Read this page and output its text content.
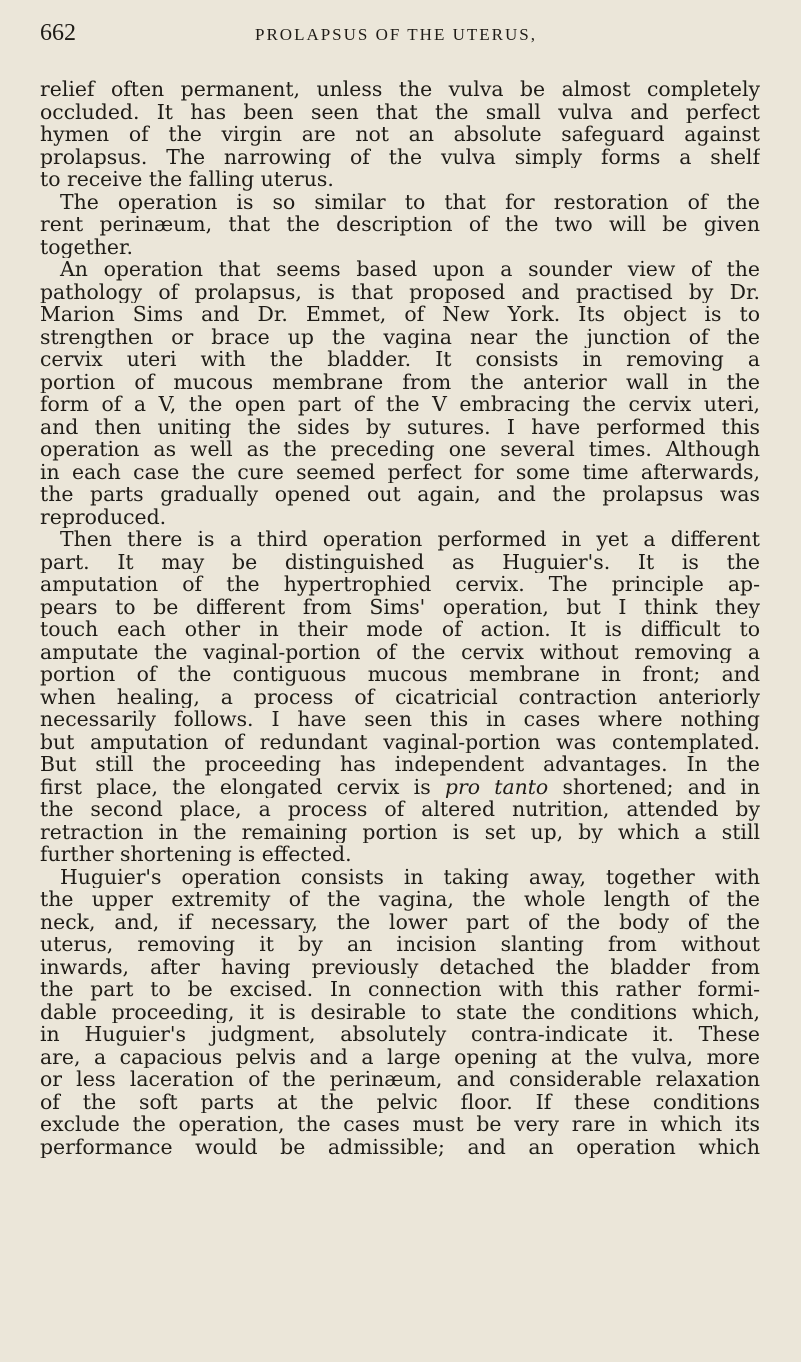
662	PROLAPSUS OF THE UTERUS,
relief often permanent, unless the vulva be almost completely
occluded. It has been seen that the small vulva and perfect
hymen of the virgin are not an absolute safeguard against
prolapsus. The narrowing of the vulva simply forms a shelf
to receive the falling uterus.
The operation is so similar to that for restoration of the
rent perinæum, that the description of the two will be given
together.
An operation that seems based upon a sounder view of the
pathology of prolapsus, is that proposed and practised by Dr.
Marion Sims and Dr. Emmet, of New York. Its object is to
strengthen or brace up the vagina near the junction of the
cervix uteri with the bladder. It consists in removing a
portion of mucous membrane from the anterior wall in the
form of a V, the open part of the V embracing the cervix uteri,
and then uniting the sides by sutures. I have performed this
operation as well as the preceding one several times. Although
in each case the cure seemed perfect for some time afterwards,
the parts gradually opened out again, and the prolapsus was
reproduced.
Then there is a third operation performed in yet a different
part. It may be distinguished as Huguier's. It is the
amputation of the hypertrophied cervix. The principle ap-
pears to be different from Sims' operation, but I think they
touch each other in their mode of action. It is difficult to
amputate the vaginal-portion of the cervix without removing a
portion of the contiguous mucous membrane in front; and
when healing, a process of cicatricial contraction anteriorly
necessarily follows. I have seen this in cases where nothing
but amputation of redundant vaginal-portion was contemplated.
But still the proceeding has independent advantages. In the
first place, the elongated cervix is pro tanto shortened; and in
the second place, a process of altered nutrition, attended by
retraction in the remaining portion is set up, by which a still
further shortening is effected.
Huguier's operation consists in taking away, together with
the upper extremity of the vagina, the whole length of the
neck, and, if necessary, the lower part of the body of the
uterus, removing it by an incision slanting from without
inwards, after having previously detached the bladder from
the part to be excised. In connection with this rather formi-
dable proceeding, it is desirable to state the conditions which,
in Huguier's judgment, absolutely contra-indicate it. These
are, a capacious pelvis and a large opening at the vulva, more
or less laceration of the perinæum, and considerable relaxation
of the soft parts at the pelvic floor. If these conditions
exclude the operation, the cases must be very rare in which its
performance would be admissible; and an operation which
